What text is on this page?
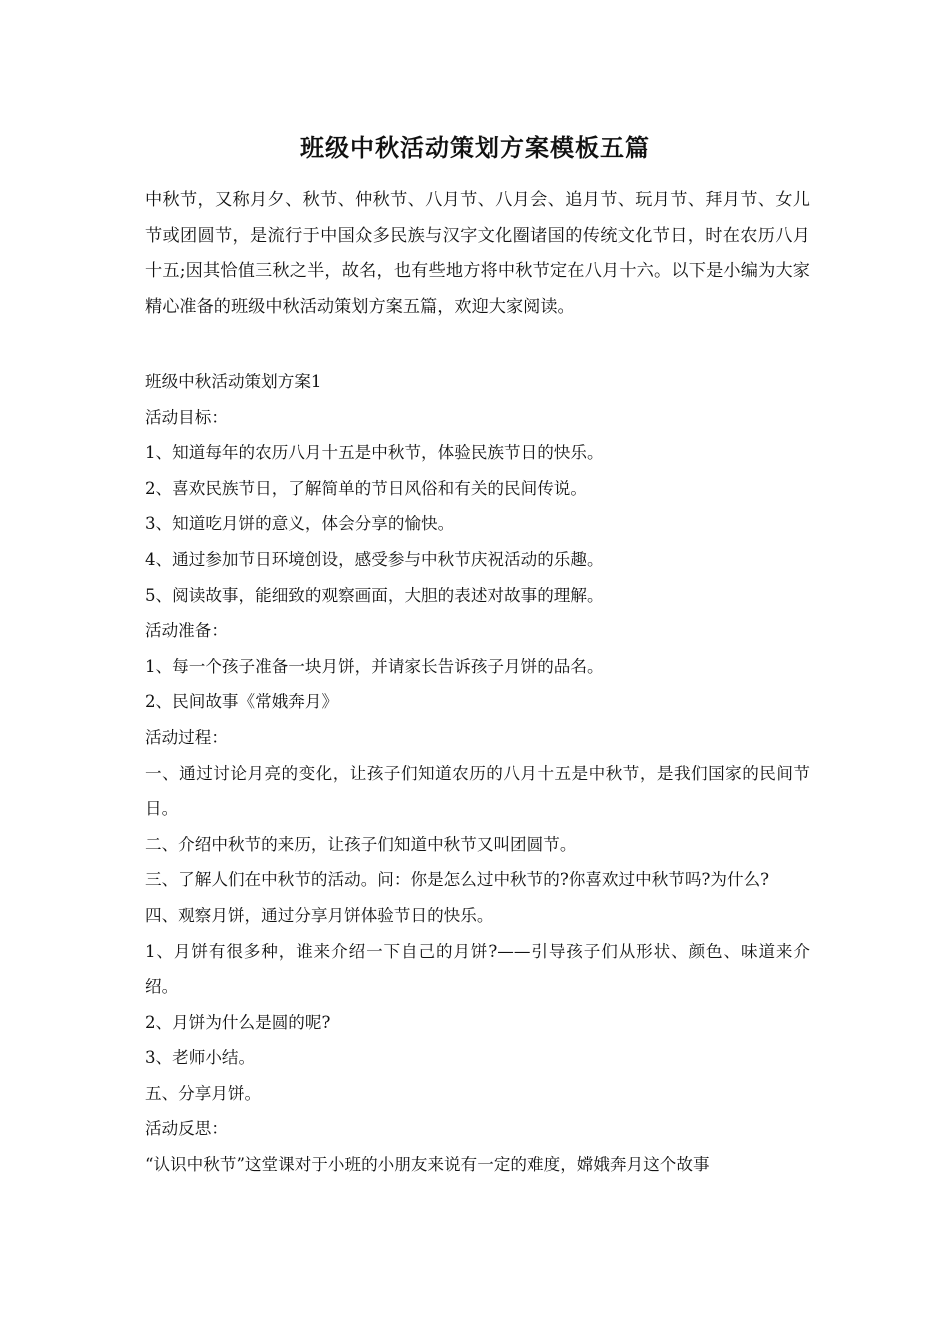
班级中秋活动策划方案模板五篇

中秋节，又称月夕、秋节、仲秋节、八月节、八月会、追月节、玩月节、拜月节、女儿节或团圆节，是流行于中国众多民族与汉字文化圈诸国的传统文化节日，时在农历八月十五;因其恰值三秋之半，故名，也有些地方将中秋节定在八月十六。以下是小编为大家精心准备的班级中秋活动策划方案五篇，欢迎大家阅读。

班级中秋活动策划方案1

活动目标：

1、知道每年的农历八月十五是中秋节，体验民族节日的快乐。

2、喜欢民族节日，了解简单的节日风俗和有关的民间传说。

3、知道吃月饼的意义，体会分享的愉快。

4、通过参加节日环境创设，感受参与中秋节庆祝活动的乐趣。

5、阅读故事，能细致的观察画面，大胆的表述对故事的理解。

活动准备：

1、每一个孩子准备一块月饼，并请家长告诉孩子月饼的品名。

2、民间故事《常娥奔月》

活动过程：

一、通过讨论月亮的变化，让孩子们知道农历的八月十五是中秋节，是我们国家的民间节日。

二、介绍中秋节的来历，让孩子们知道中秋节又叫团圆节。

三、了解人们在中秋节的活动。问：你是怎么过中秋节的?你喜欢过中秋节吗?为什么?

四、观察月饼，通过分享月饼体验节日的快乐。

1、月饼有很多种，谁来介绍一下自己的月饼?——引导孩子们从形状、颜色、味道来介绍。

2、月饼为什么是圆的呢?

3、老师小结。

五、分享月饼。

活动反思：

“认识中秋节”这堂课对于小班的小朋友来说有一定的难度，嫦娥奔月这个故事
